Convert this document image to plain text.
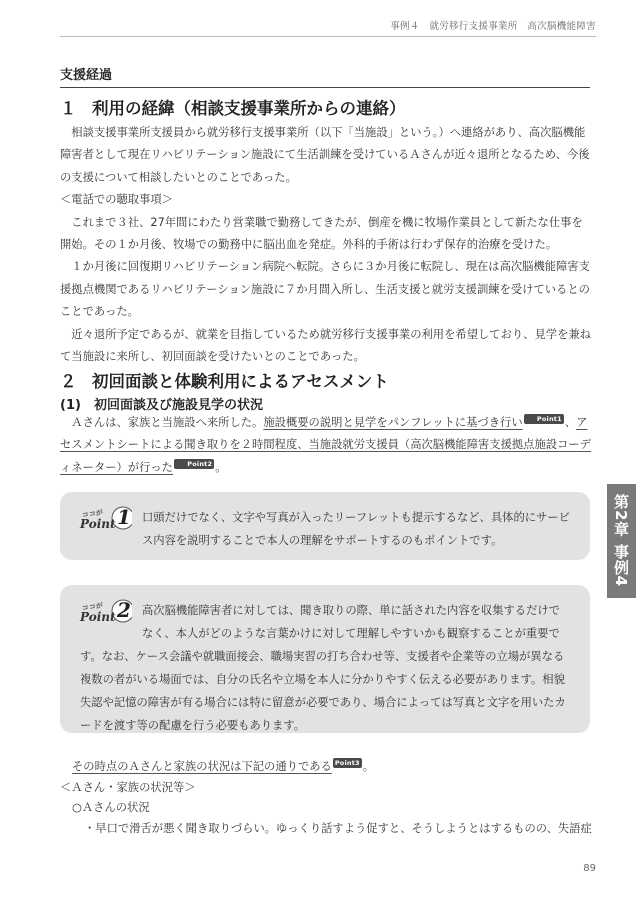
事例４　就労移行支援事業所　高次脳機能障害
支援経過
１ 利用の経緯（相談支援事業所からの連絡）

相談支援事業所支援員から就労移行支援事業所（以下「当施設」という。）へ連絡があり、高次脳機能障害者として現在リハビリテーション施設にて生活訓練を受けているＡさんが近々退所となるため、今後の支援について相談したいとのことであった。

＜電話での聴取事項＞

これまで３社、27年間にわたり営業職で勤務してきたが、倒産を機に牧場作業員として新たな仕事を開始。その１か月後、牧場での勤務中に脳出血を発症。外科的手術は行わず保存的治療を受けた。

１か月後に回復期リハビリテーション病院へ転院。さらに３か月後に転院し、現在は高次脳機能障害支援拠点機関であるリハビリテーション施設に７か月間入所し、生活支援と就労支援訓練を受けているとのことであった。

近々退所予定であるが、就業を目指しているため就労移行支援事業の利用を希望しており、見学を兼ねて当施設に来所し、初回面談を受けたいとのことであった。

２ 初回面談と体験利用によるアセスメント
(1) 初回面談及び施設見学の状況

Ａさんは、家族と当施設へ来所した。施設概要の説明と見学をパンフレットに基づき行い Point1 、アセスメントシートによる聞き取りを２時間程度、当施設就労支援員（高次脳機能障害支援拠点施設コーディネーター）が行った Point2 。

ココが
Point 1 口頭だけでなく、文字や写真が入ったリーフレットも提示するなど、具体的にサービス内容を説明することで本人の理解をサポートするのもポイントです。	第2章 事例4
ココが
Point 2 高次脳機能障害者に対しては、聞き取りの際、単に話された内容を収集するだけでなく、本人がどのような言葉かけに対して理解しやすいかも観察することが重要です。なお、ケース会議や就職面接会、職場実習の打ち合わせ等、支援者や企業等の立場が異なる複数の者がいる場面では、自分の氏名や立場を本人に分かりやすく伝える必要があります。相貌失認や記憶の障害が有る場合には特に留意が必要であり、場合によっては写真と文字を用いたカードを渡す等の配慮を行う必要もあります。

その時点のＡさんと家族の状況は下記の通りである Point3 。
＜Ａさん・家族の状況等＞
○Ａさんの状況
・早口で滑舌が悪く聞き取りづらい。ゆっくり話すよう促すと、そうしようとはするものの、失語症
89
